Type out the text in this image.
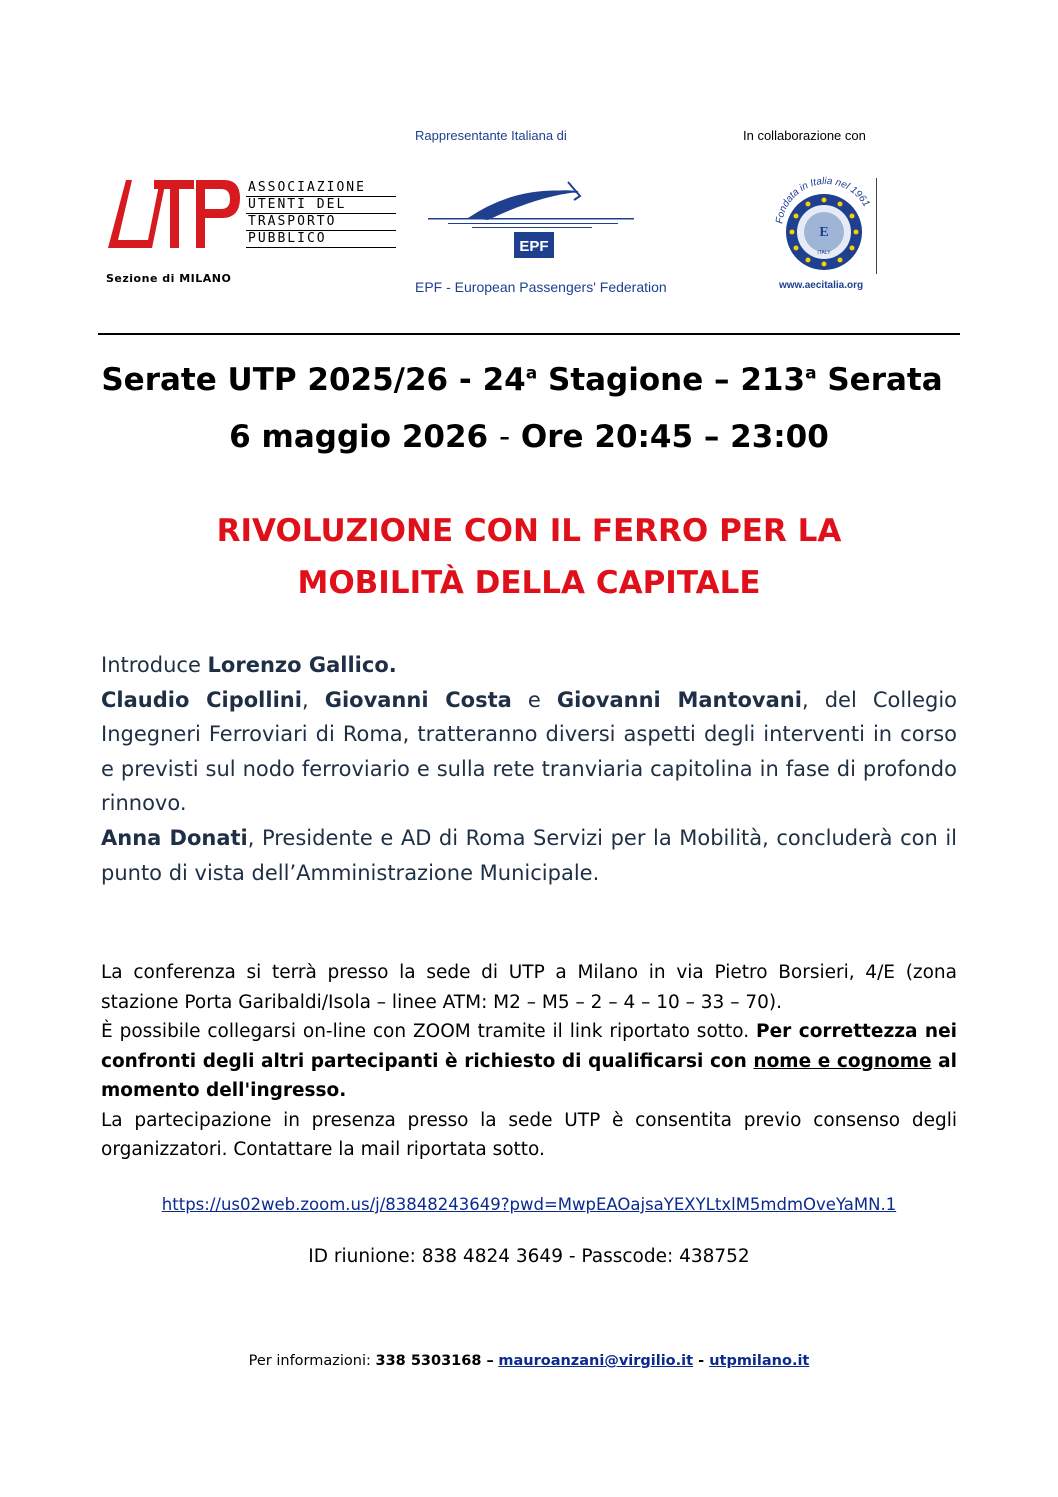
Rappresentante Italiana di	In collaborazione con
ASSOCIAZIONE
UTENTI DEL
TRASPORTO
PUBBLICO
Sezione di MILANO
EPF
EPF - European Passengers' Federation
Fondata in Italia nel 1961
E
ITALY
www.aecitalia.org
Serate UTP 2025/26 - 24$^a$ Stagione – 213$^a$ Serata
6 maggio 2026 - Ore 20:45 – 23:00
RIVOLUZIONE CON IL FERRO PER LA
MOBILITÀ DELLA CAPITALE

Introduce Lorenzo Gallico.

Claudio Cipollini, Giovanni Costa e Giovanni Mantovani, del Collegio Ingegneri Ferroviari di Roma, tratteranno diversi aspetti degli interventi in corso e previsti sul nodo ferroviario e sulla rete tranviaria capitolina in fase di profondo rinnovo.

Anna Donati, Presidente e AD di Roma Servizi per la Mobilità, concluderà con il punto di vista dell’Amministrazione Municipale.

La conferenza si terrà presso la sede di UTP a Milano in via Pietro Borsieri, 4/E (zona stazione Porta Garibaldi/Isola – linee ATM: M2 – M5 – 2 – 4 – 10 – 33 – 70).

È possibile collegarsi on-line con ZOOM tramite il link riportato sotto. Per correttezza nei confronti degli altri partecipanti è richiesto di qualificarsi con nome e cognome al momento dell'ingresso.

La partecipazione in presenza presso la sede UTP è consentita previo consenso degli organizzatori. Contattare la mail riportata sotto.

https://us02web.zoom.us/j/83848243649?pwd=MwpEAOajsaYEXYLtxlM5mdmOveYaMN.1
ID riunione: 838 4824 3649 - Passcode: 438752
Per informazioni: 338 5303168 – mauroanzani@virgilio.it - utpmilano.it
